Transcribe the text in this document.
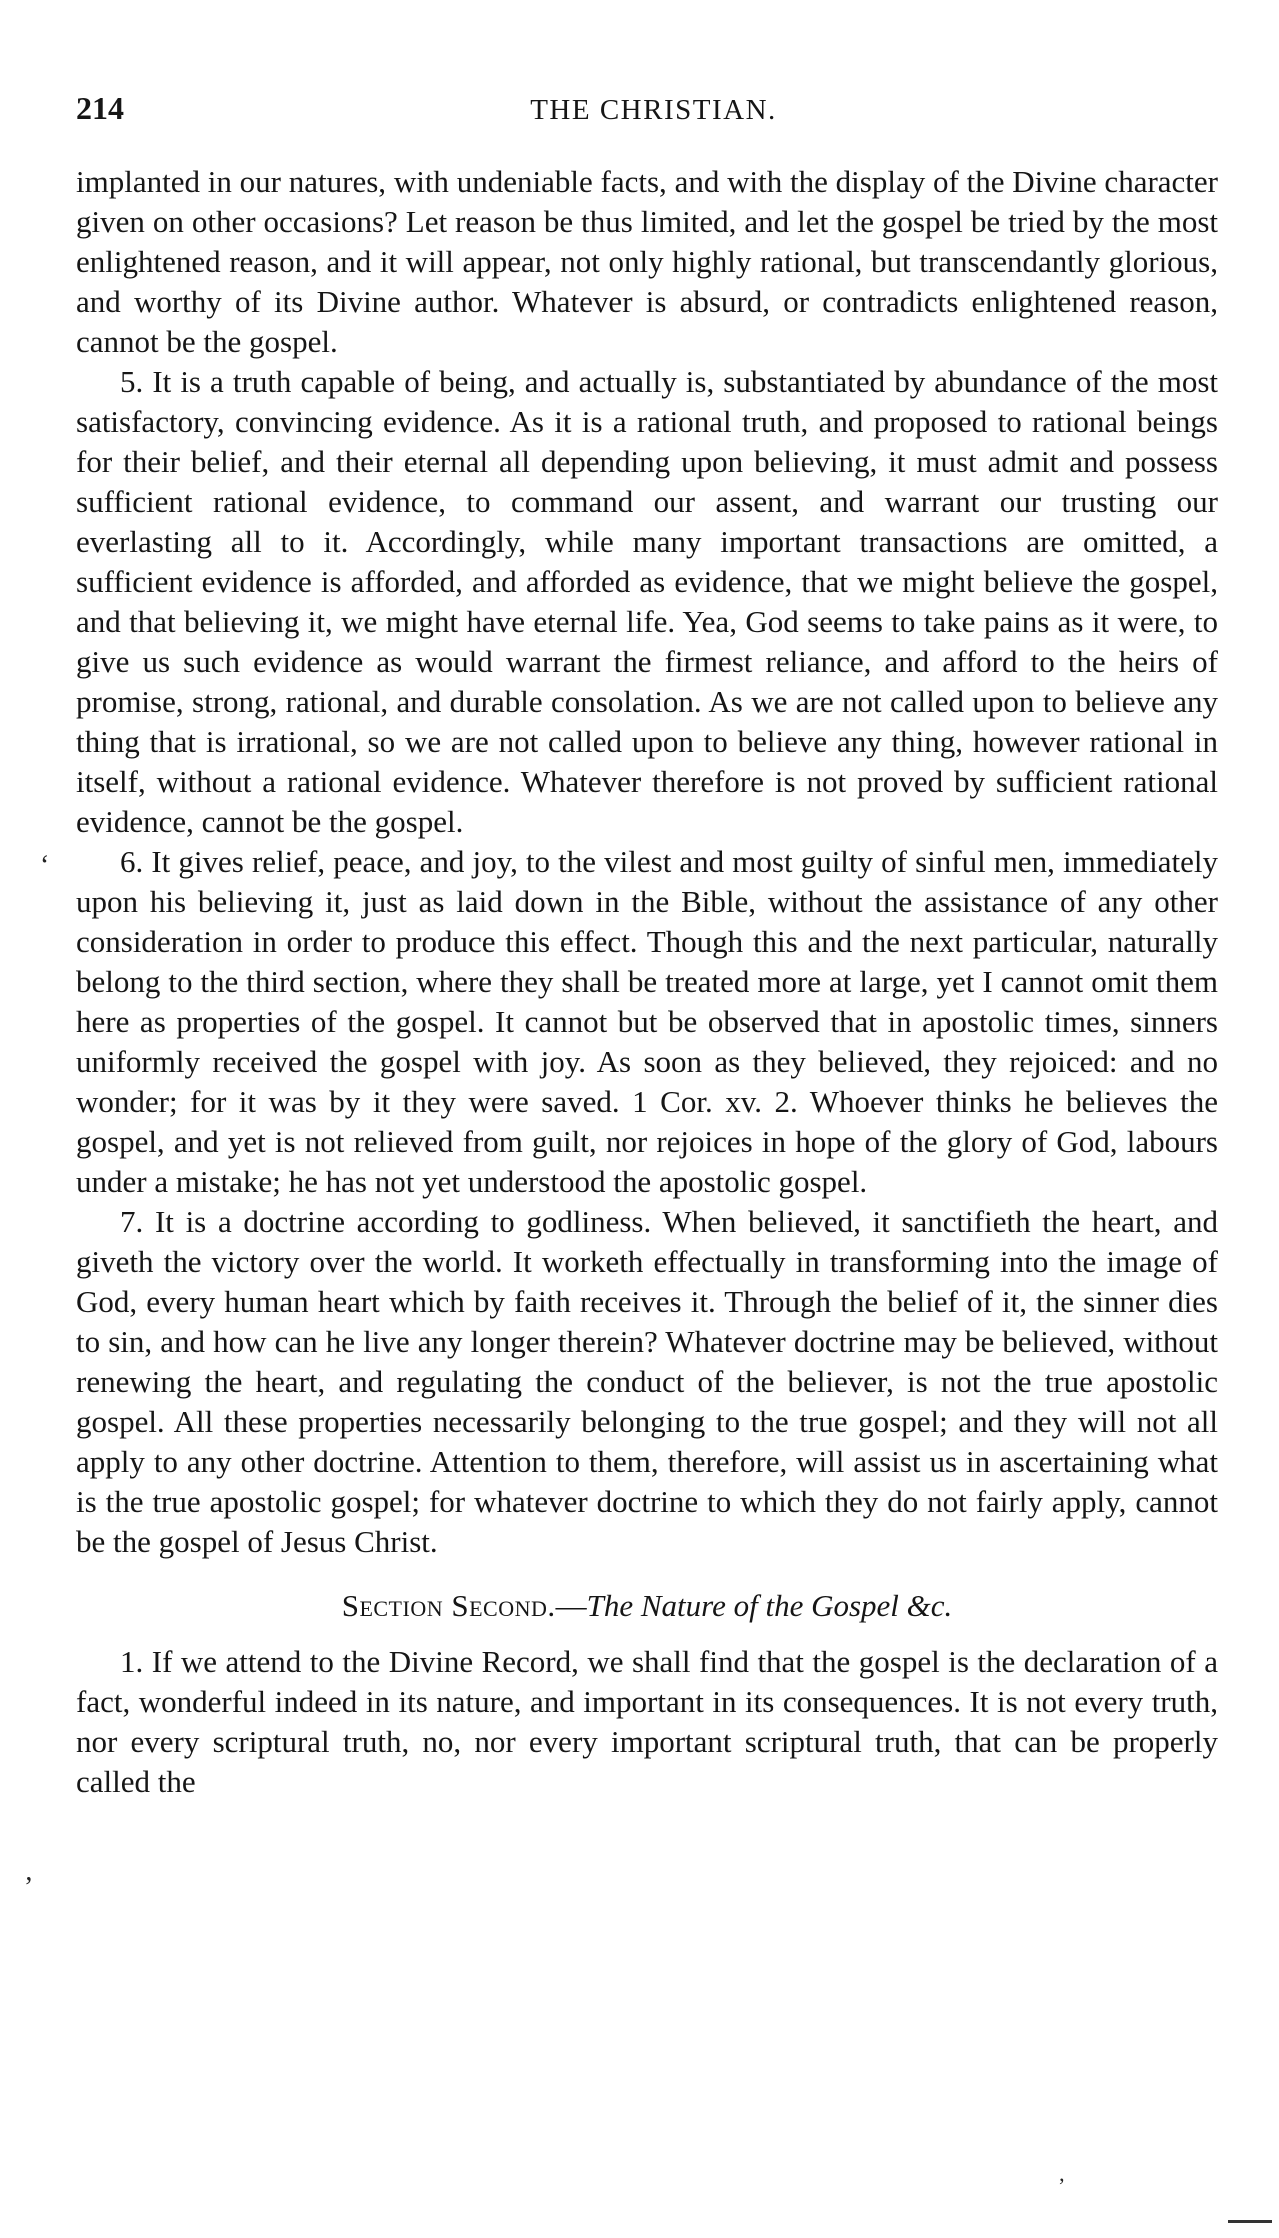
214	THE CHRISTIAN.

implanted in our natures, with undeniable facts, and with the display of the Divine character given on other occasions? Let reason be thus limited, and let the gospel be tried by the most enlightened reason, and it will appear, not only highly rational, but transcendantly glorious, and worthy of its Divine author. Whatever is absurd, or contradicts enlightened reason, cannot be the gospel.

5. It is a truth capable of being, and actually is, substantiated by abundance of the most satisfactory, convincing evidence. As it is a rational truth, and proposed to rational beings for their belief, and their eternal all depending upon believing, it must admit and possess sufficient rational evidence, to command our assent, and warrant our trusting our everlasting all to it. Accordingly, while many important transactions are omitted, a sufficient evidence is afforded, and afforded as evidence, that we might believe the gospel, and that believing it, we might have eternal life. Yea, God seems to take pains as it were, to give us such evidence as would warrant the firmest reliance, and afford to the heirs of promise, strong, rational, and durable consolation. As we are not called upon to believe any thing that is irrational, so we are not called upon to believe any thing, however rational in itself, without a rational evidence. Whatever therefore is not proved by sufficient rational evidence, cannot be the gospel.

6. It gives relief, peace, and joy, to the vilest and most guilty of sinful men, immediately upon his believing it, just as laid down in the Bible, without the assistance of any other consideration in order to produce this effect. Though this and the next particular, naturally belong to the third section, where they shall be treated more at large, yet I cannot omit them here as properties of the gospel. It cannot but be observed that in apostolic times, sinners uniformly received the gospel with joy. As soon as they believed, they rejoiced: and no wonder; for it was by it they were saved. 1 Cor. xv. 2. Whoever thinks he believes the gospel, and yet is not relieved from guilt, nor rejoices in hope of the glory of God, labours under a mistake; he has not yet understood the apostolic gospel.

7. It is a doctrine according to godliness. When believed, it sanctifieth the heart, and giveth the victory over the world. It worketh effectually in transforming into the image of God, every human heart which by faith receives it. Through the belief of it, the sinner dies to sin, and how can he live any longer therein? Whatever doctrine may be believed, without renewing the heart, and regulating the conduct of the believer, is not the true apostolic gospel. All these properties necessarily belonging to the true gospel; and they will not all apply to any other doctrine. Attention to them, therefore, will assist us in ascertaining what is the true apostolic gospel; for whatever doctrine to which they do not fairly apply, cannot be the gospel of Jesus Christ.

Section Second.—The Nature of the Gospel &c.

1. If we attend to the Divine Record, we shall find that the gospel is the declaration of a fact, wonderful indeed in its nature, and important in its consequences. It is not every truth, nor every scriptural truth, no, nor every important scriptural truth, that can be properly called the

‘
’
’
